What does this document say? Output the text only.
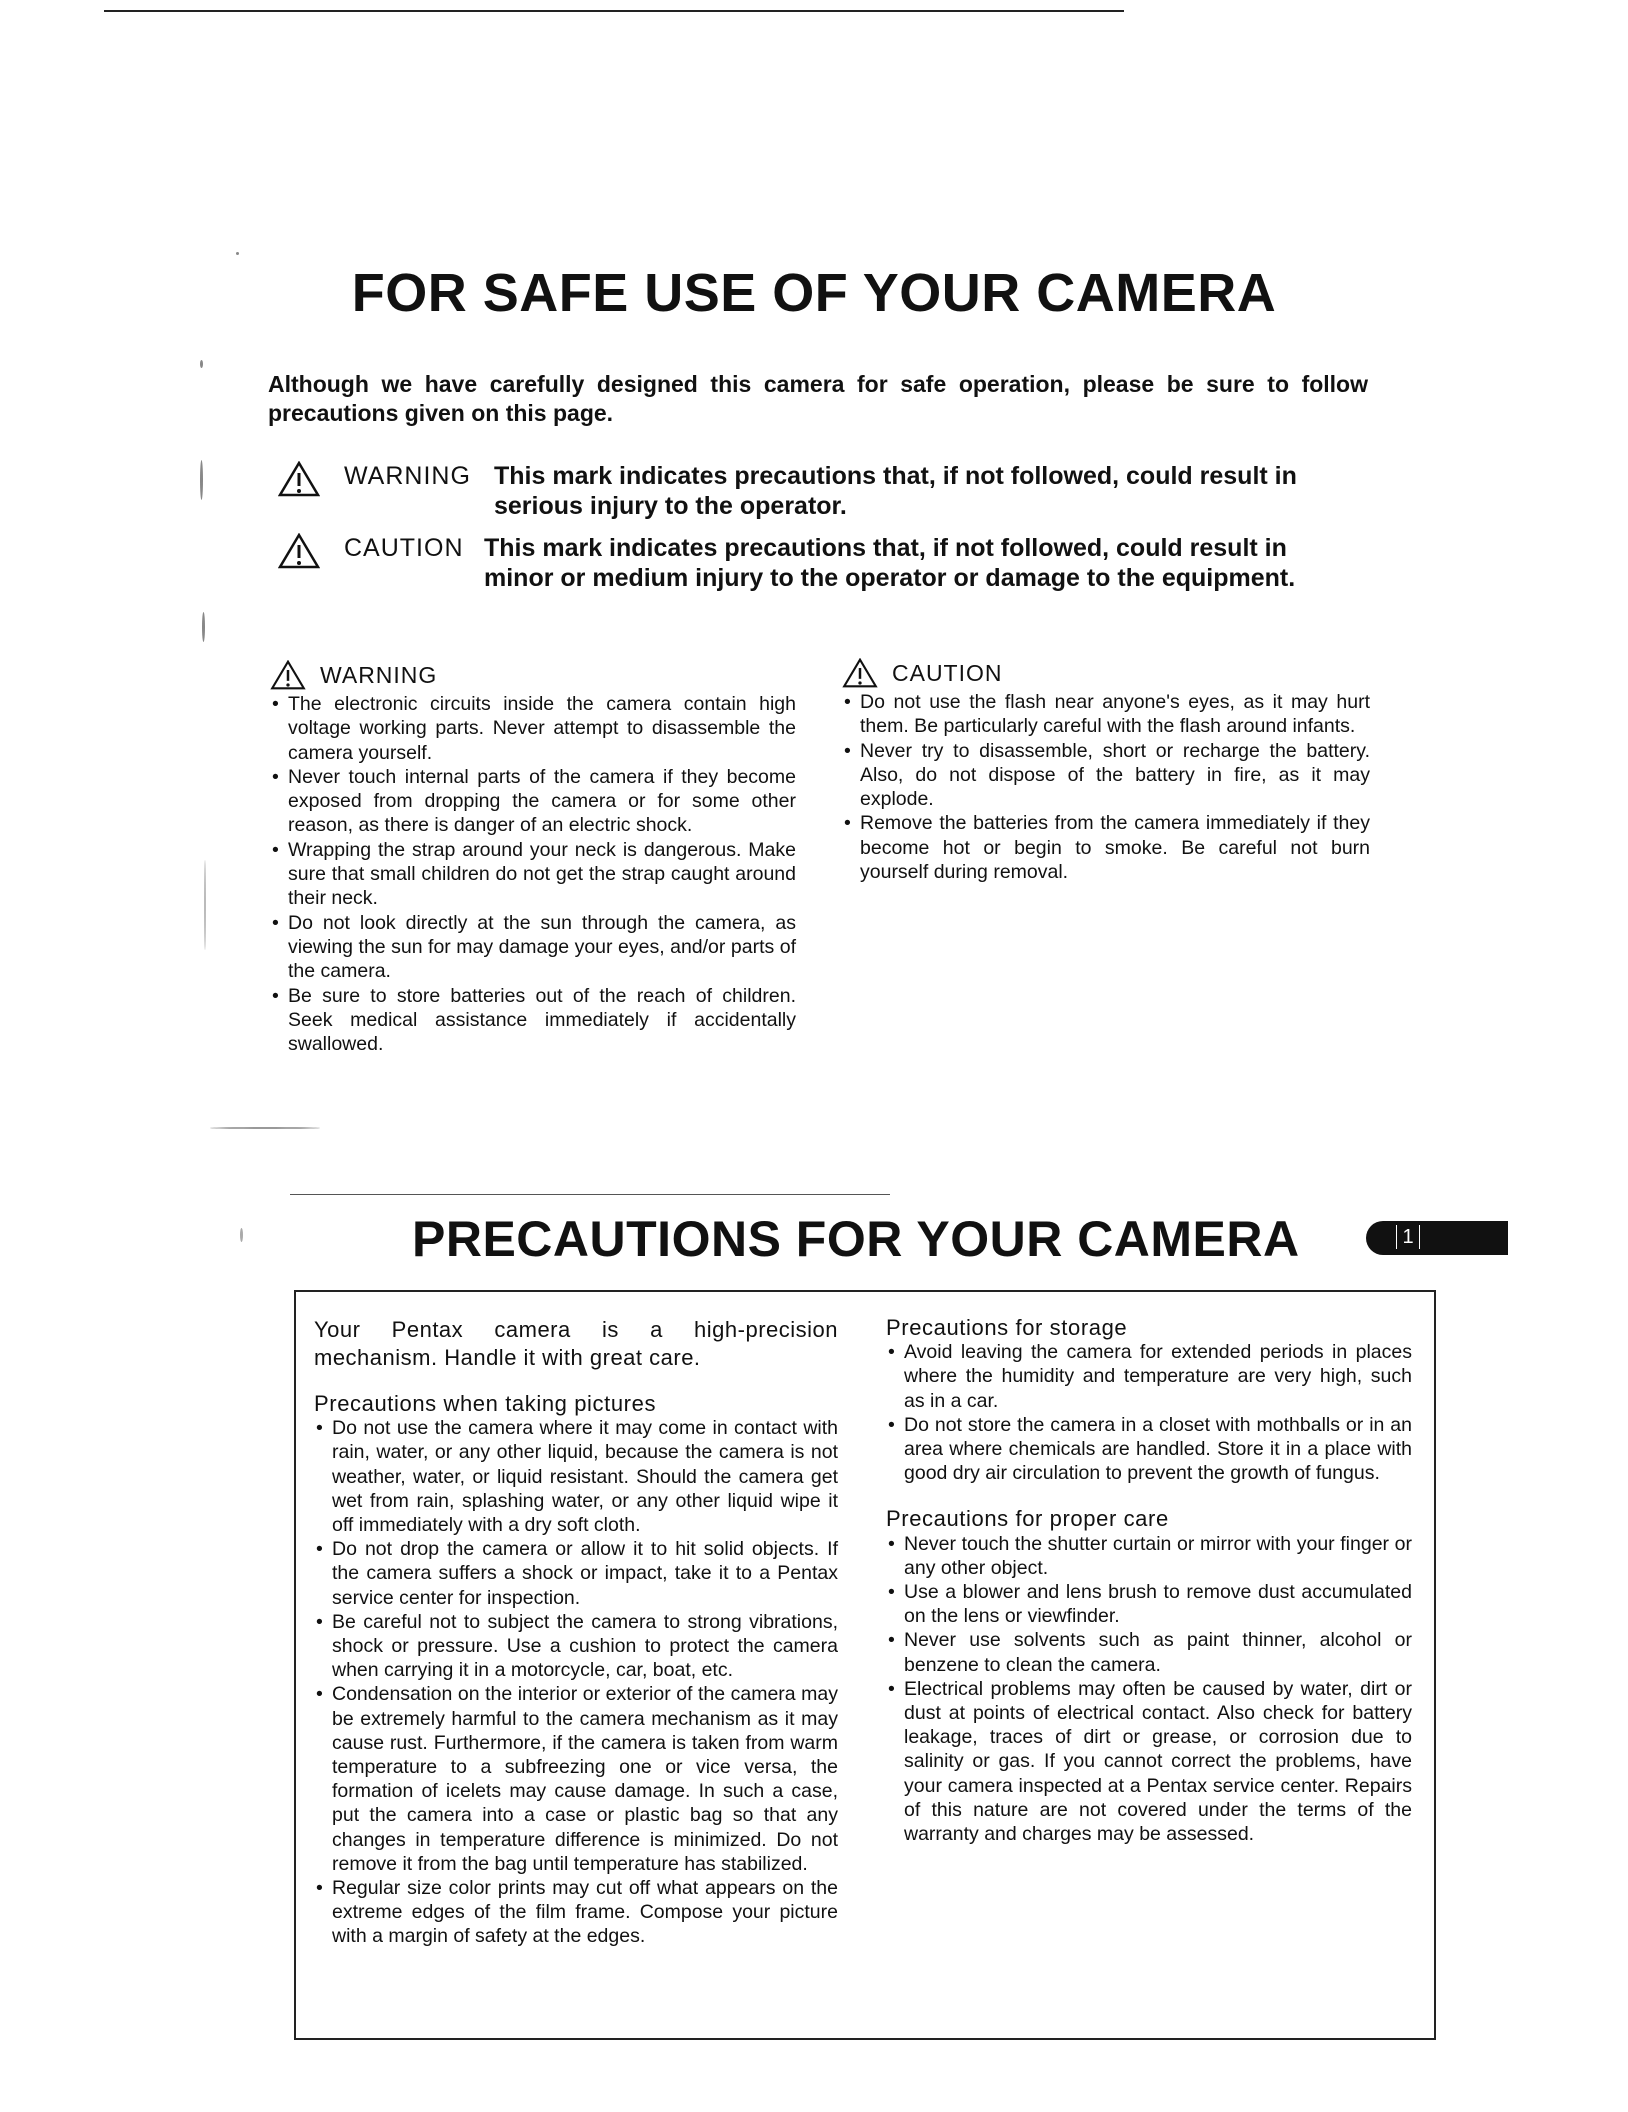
FOR SAFE USE OF YOUR CAMERA
Although we have carefully designed this camera for safe operation, please be sure to follow precautions given on this page.
WARNING This mark indicates precautions that, if not followed, could result in
serious injury to the operator.
CAUTION This mark indicates precautions that, if not followed, could result in
minor or medium injury to the operator or damage to the equipment.
WARNING
• The electronic circuits inside the camera contain high voltage working parts. Never attempt to disassemble the camera yourself.
• Never touch internal parts of the camera if they become exposed from dropping the camera or for some other reason, as there is danger of an electric shock.
• Wrapping the strap around your neck is dangerous. Make sure that small children do not get the strap caught around their neck.
• Do not look directly at the sun through the camera, as viewing the sun for may damage your eyes, and/or parts of the camera.
• Be sure to store batteries out of the reach of children. Seek medical assistance immediately if accidentally swallowed.
CAUTION
• Do not use the flash near anyone's eyes, as it may hurt them. Be particularly careful with the flash around infants.
• Never try to disassemble, short or recharge the battery. Also, do not dispose of the battery in fire, as it may explode.
• Remove the batteries from the camera immediately if they become hot or begin to smoke. Be careful not burn yourself during removal.
PRECAUTIONS FOR YOUR CAMERA	1
Your Pentax camera is a high-precision mechanism. Handle it with great care.
Precautions when taking pictures
• Do not use the camera where it may come in contact with rain, water, or any other liquid, because the camera is not weather, water, or liquid resistant. Should the camera get wet from rain, splashing water, or any other liquid wipe it off immediately with a dry soft cloth.
• Do not drop the camera or allow it to hit solid objects. If the camera suffers a shock or impact, take it to a Pentax service center for inspection.
• Be careful not to subject the camera to strong vibrations, shock or pressure. Use a cushion to protect the camera when carrying it in a motorcycle, car, boat, etc.
• Condensation on the interior or exterior of the camera may be extremely harmful to the camera mechanism as it may cause rust. Furthermore, if the camera is taken from warm temperature to a subfreezing one or vice versa, the formation of icelets may cause damage. In such a case, put the camera into a case or plastic bag so that any changes in temperature difference is minimized. Do not remove it from the bag until temperature has stabilized.
• Regular size color prints may cut off what appears on the extreme edges of the film frame. Compose your picture with a margin of safety at the edges.
Precautions for storage
• Avoid leaving the camera for extended periods in places where the humidity and temperature are very high, such as in a car.
• Do not store the camera in a closet with mothballs or in an area where chemicals are handled. Store it in a place with good dry air circulation to prevent the growth of fungus.
Precautions for proper care
• Never touch the shutter curtain or mirror with your finger or any other object.
• Use a blower and lens brush to remove dust accumulated on the lens or viewfinder.
• Never use solvents such as paint thinner, alcohol or benzene to clean the camera.
• Electrical problems may often be caused by water, dirt or dust at points of electrical contact. Also check for battery leakage, traces of dirt or grease, or corrosion due to salinity or gas. If you cannot correct the problems, have your camera inspected at a Pentax service center. Repairs of this nature are not covered under the terms of the warranty and charges may be assessed.
